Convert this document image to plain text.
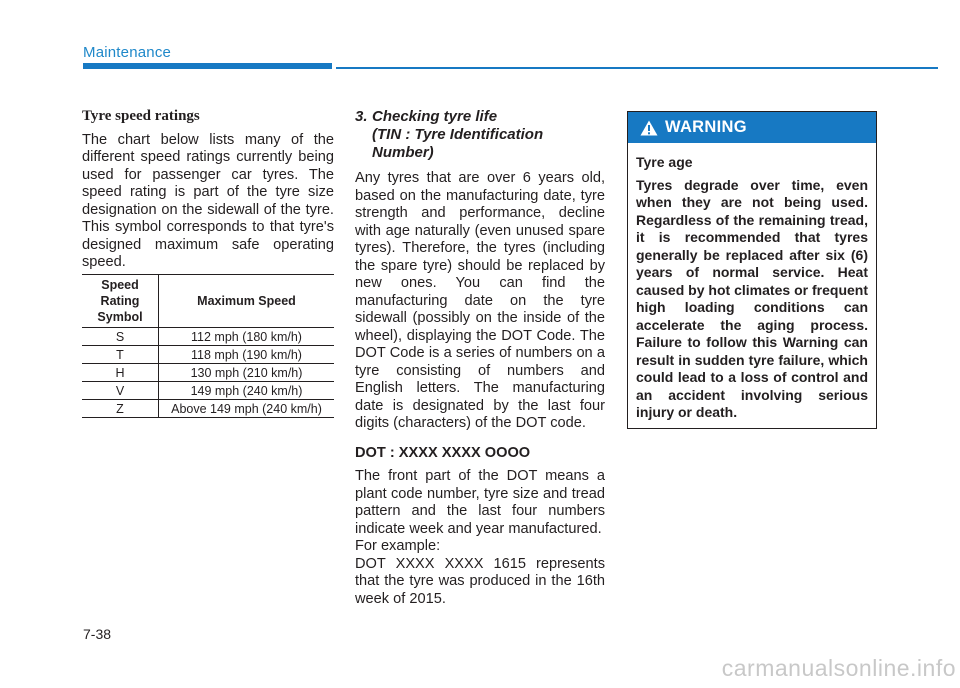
Maintenance
Tyre speed ratings

The chart below lists many of the different speed ratings currently being used for passenger car tyres. The speed rating is part of the tyre size designation on the sidewall of the tyre. This symbol corresponds to that tyre's designed maximum safe operating speed.

Speed Rating Symbol	Maximum Speed
S	112 mph (180 km/h)
T	118 mph (190 km/h)
H	130 mph (210 km/h)
V	149 mph (240 km/h)
Z	Above 149 mph (240 km/h)
3. Checking tyre life
(TIN : Tyre Identification
Number)

Any tyres that are over 6 years old, based on the manufacturing date, tyre strength and performance, decline with age naturally (even unused spare tyres). Therefore, the tyres (including the spare tyre) should be replaced by new ones. You can find the manufacturing date on the tyre sidewall (possibly on the inside of the wheel), displaying the DOT Code. The DOT Code is a series of numbers on a tyre consisting of numbers and English letters. The manufacturing date is designated by the last four digits (characters) of the DOT code.

DOT : XXXX XXXX OOOO

The front part of the DOT means a plant code number, tyre size and tread pattern and the last four numbers indicate week and year manufactured.

For example:

DOT XXXX XXXX 1615 represents that the tyre was produced in the 16th week of 2015.

WARNING
Tyre age
Tyres degrade over time, even when they are not being used. Regardless of the remaining tread, it is recommended that tyres generally be replaced after six (6) years of normal service. Heat caused by hot climates or frequent high loading conditions can accelerate the aging process. Failure to follow this Warning can result in sudden tyre failure, which could lead to a loss of control and an accident involving serious injury or death.
7-38
carmanualsonline.info
